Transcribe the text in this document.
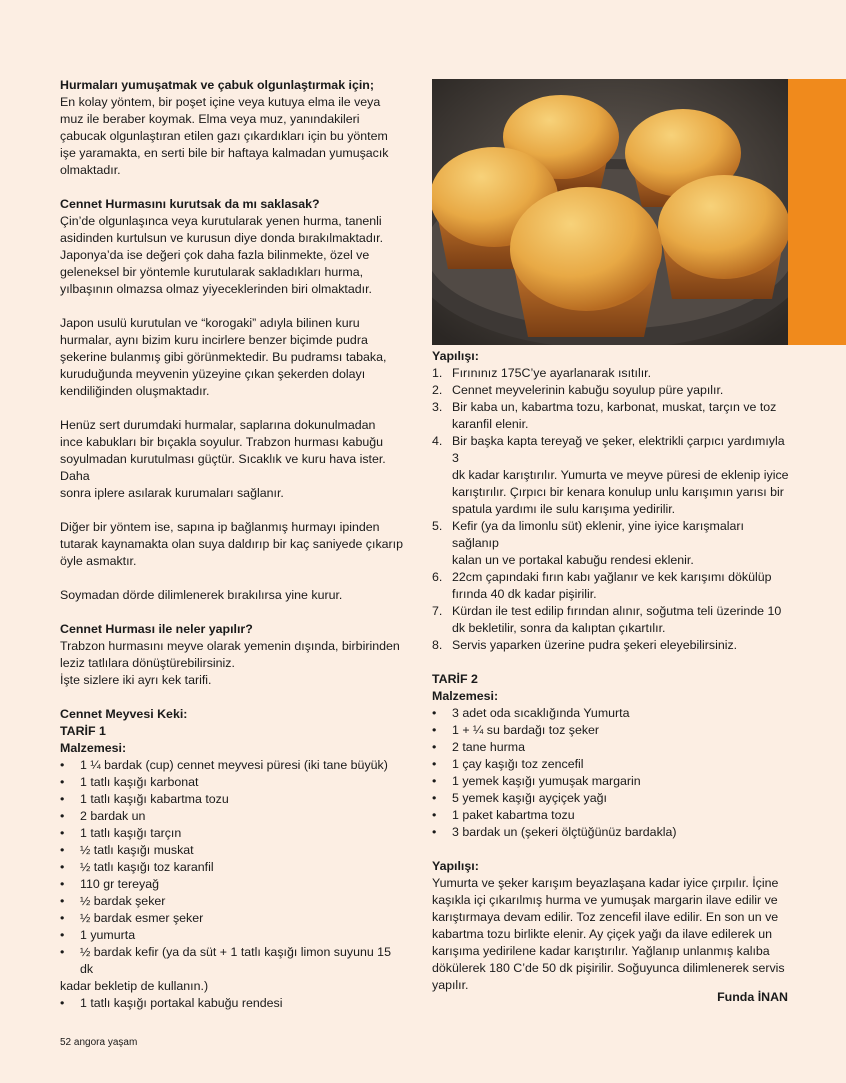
Hurmaları yumuşatmak ve çabuk olgunlaştırmak için;
En kolay yöntem, bir poşet içine veya kutuya elma ile veya
muz ile beraber koymak. Elma veya muz, yanındakileri
çabucak olgunlaştıran etilen gazı çıkardıkları için bu yöntem
işe yaramakta, en serti bile bir haftaya kalmadan yumuşacık
olmaktadır.
Cennet Hurmasını kurutsak da mı saklasak?
Çin’de olgunlaşınca veya kurutularak yenen hurma, tanenli
asidinden kurtulsun ve kurusun diye donda bırakılmaktadır.
Japonya’da ise değeri çok daha fazla bilinmekte, özel ve
geleneksel bir yöntemle kurutularak sakladıkları hurma,
yılbaşının olmazsa olmaz yiyeceklerinden biri olmaktadır.
Japon usulü kurutulan ve “korogaki” adıyla bilinen kuru
hurmalar, aynı bizim kuru incirlere benzer biçimde pudra
şekerine bulanmış gibi görünmektedir. Bu pudramsı tabaka,
kuruduğunda meyvenin yüzeyine çıkan şekerden dolayı
kendiliğinden oluşmaktadır.
Henüz sert durumdaki hurmalar, saplarına dokunulmadan
ince kabukları bir bıçakla soyulur. Trabzon hurması kabuğu
soyulmadan kurutulması güçtür. Sıcaklık ve kuru hava ister. Daha
sonra iplere asılarak kurumaları sağlanır.
Diğer bir yöntem ise, sapına ip bağlanmış hurmayı ipinden
tutarak kaynamakta olan suya daldırıp bir kaç saniyede çıkarıp
öyle asmaktır.
Soymadan dörde dilimlenerek bırakılırsa yine kurur.
Cennet Hurması ile neler yapılır?
Trabzon hurmasını meyve olarak yemenin dışında, birbirinden
leziz tatlılara dönüştürebilirsiniz.
İşte sizlere iki ayrı kek tarifi.
Cennet Meyvesi Keki:
TARİF 1
Malzemesi:
• 1 ¼ bardak (cup) cennet meyvesi püresi (iki tane büyük)
• 1 tatlı kaşığı karbonat
• 1 tatlı kaşığı kabartma tozu
• 2 bardak un
• 1 tatlı kaşığı tarçın
• ½ tatlı kaşığı muskat
• ½ tatlı kaşığı toz karanfil
• 110 gr tereyağ
• ½ bardak şeker
• ½ bardak esmer şeker
• 1 yumurta
• ½ bardak kefir (ya da süt + 1 tatlı kaşığı limon suyunu 15 dk
kadar bekletip de kullanın.)
• 1 tatlı kaşığı portakal kabuğu rendesi
Yapılışı:
1. Fırınınız 175C’ye ayarlanarak ısıtılır.
2. Cennet meyvelerinin kabuğu soyulup püre yapılır.
3. Bir kaba un, kabartma tozu, karbonat, muskat, tarçın ve toz
karanfil elenir.
4. Bir başka kapta tereyağ ve şeker, elektrikli çarpıcı yardımıyla 3
dk kadar karıştırılır. Yumurta ve meyve püresi de eklenip iyice
karıştırılır. Çırpıcı bir kenara konulup unlu karışımın yarısı bir
spatula yardımı ile sulu karışıma yedirilir.
5. Kefir (ya da limonlu süt) eklenir, yine iyice karışmaları sağlanıp
kalan un ve portakal kabuğu rendesi eklenir.
6. 22cm çapındaki fırın kabı yağlanır ve kek karışımı dökülüp
fırında 40 dk kadar pişirilir.
7. Kürdan ile test edilip fırından alınır, soğutma teli üzerinde 10
dk bekletilir, sonra da kalıptan çıkartılır.
8. Servis yaparken üzerine pudra şekeri eleyebilirsiniz.
TARİF 2
Malzemesi:
• 3 adet oda sıcaklığında Yumurta
• 1 + ¼ su bardağı toz şeker
• 2 tane hurma
• 1 çay kaşığı toz zencefil
• 1 yemek kaşığı yumuşak margarin
• 5 yemek kaşığı ayçiçek yağı
• 1 paket kabartma tozu
• 3 bardak un (şekeri ölçtüğünüz bardakla)
Yapılışı:
Yumurta ve şeker karışım beyazlaşana kadar iyice çırpılır. İçine
kaşıkla içi çıkarılmış hurma ve yumuşak margarin ilave edilir ve
karıştırmaya devam edilir. Toz zencefil ilave edilir. En son un ve
kabartma tozu birlikte elenir. Ay çiçek yağı da ilave edilerek un
karışıma yedirilene kadar karıştırılır. Yağlanıp unlanmış kalıba
dökülerek 180 C’de 50 dk pişirilir. Soğuyunca dilimlenerek servis
yapılır.
Funda İNAN
52 angora yaşam
